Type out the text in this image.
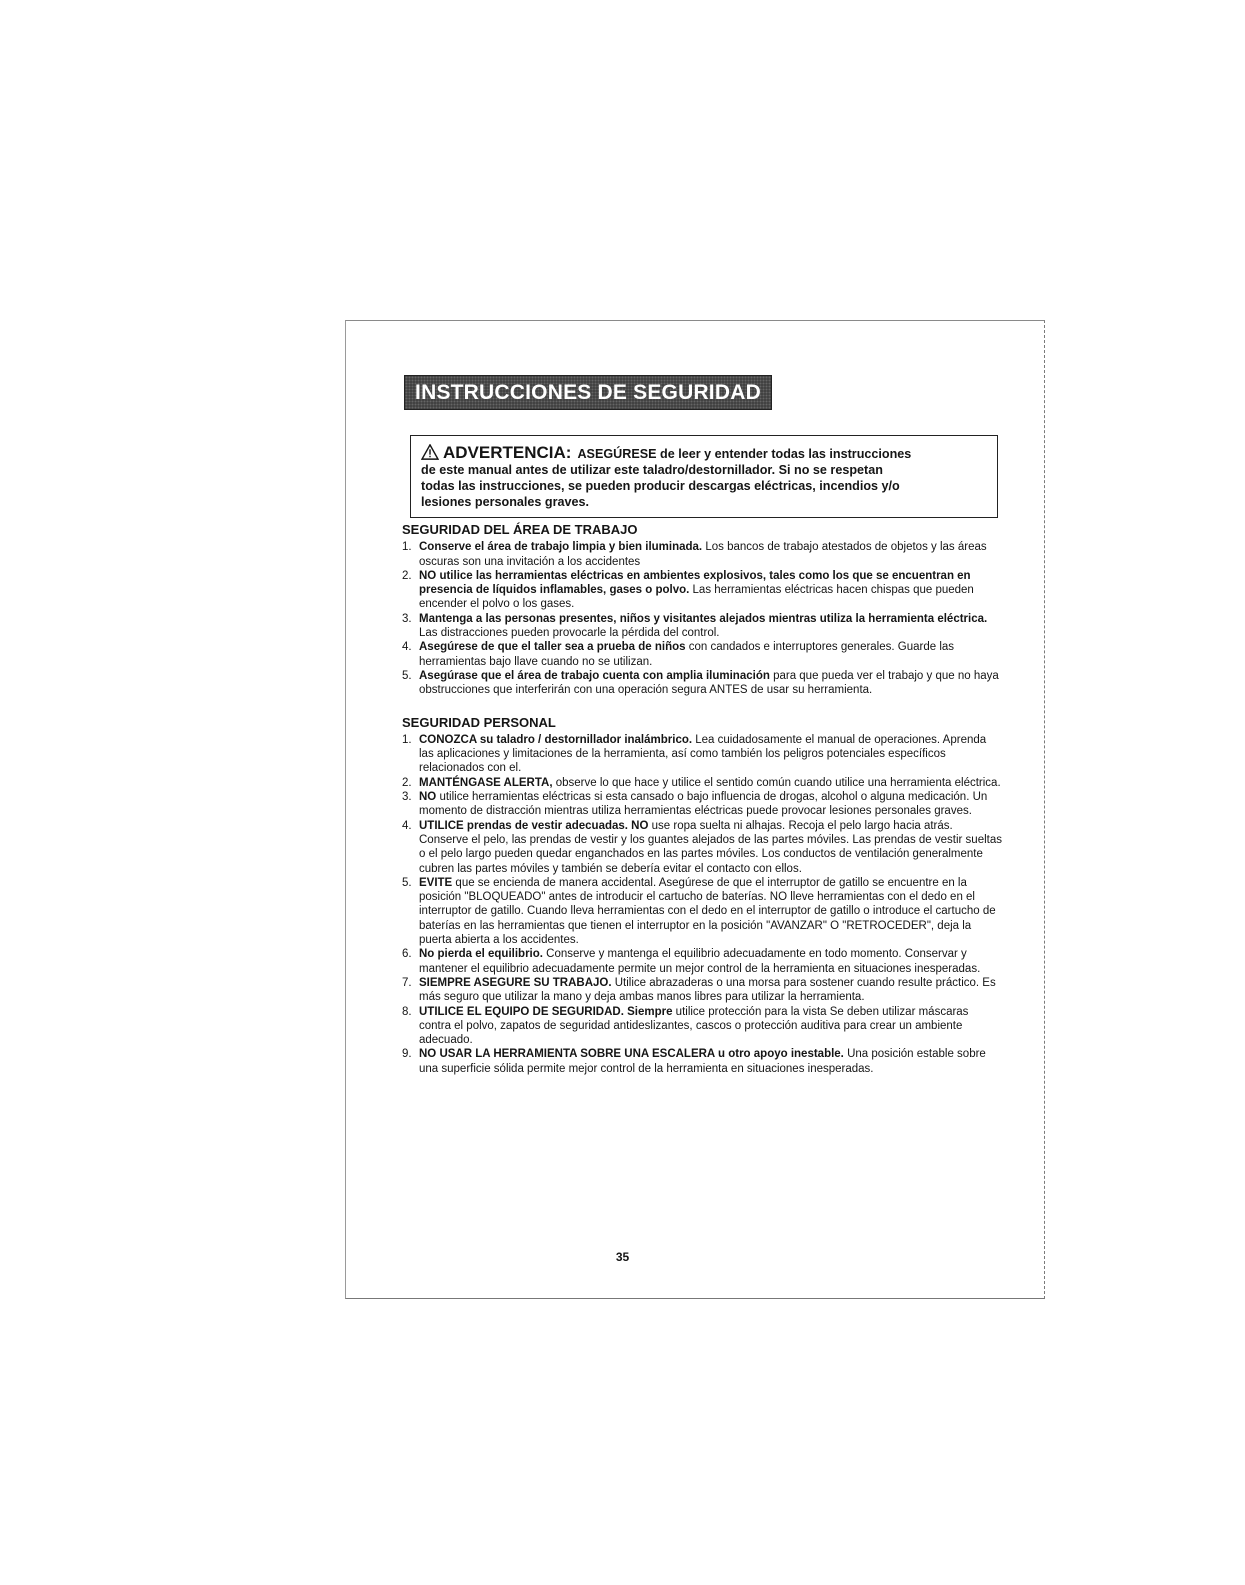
INSTRUCCIONES DE SEGURIDAD
ADVERTENCIA: ASEGÚRESE de leer y entender todas las instrucciones
de este manual antes de utilizar este taladro/destornillador. Si no se respetan
todas las instrucciones, se pueden producir descargas eléctricas, incendios y/o
lesiones personales graves.
SEGURIDAD DEL ÁREA DE TRABAJO
1. Conserve el área de trabajo limpia y bien iluminada. Los bancos de trabajo atestados de objetos y las áreas oscuras son una invitación a los accidentes
2. NO utilice las herramientas eléctricas en ambientes explosivos, tales como los que se encuentran en presencia de líquidos inflamables, gases o polvo. Las herramientas eléctricas hacen chispas que pueden encender el polvo o los gases.
3. Mantenga a las personas presentes, niños y visitantes alejados mientras utiliza la herramienta eléctrica. Las distracciones pueden provocarle la pérdida del control.
4. Asegúrese de que el taller sea a prueba de niños con candados e interruptores generales. Guarde las herramientas bajo llave cuando no se utilizan.
5. Asegúrase que el área de trabajo cuenta con amplia iluminación para que pueda ver el trabajo y que no haya obstrucciones que interferirán con una operación segura ANTES de usar su herramienta.
SEGURIDAD PERSONAL
1. CONOZCA su taladro / destornillador inalámbrico. Lea cuidadosamente el manual de operaciones. Aprenda las aplicaciones y limitaciones de la herramienta, así como también los peligros potenciales específicos relacionados con el.
2. MANTÉNGASE ALERTA, observe lo que hace y utilice el sentido común cuando utilice una herramienta eléctrica.
3. NO utilice herramientas eléctricas si esta cansado o bajo influencia de drogas, alcohol o alguna medicación. Un momento de distracción mientras utiliza herramientas eléctricas puede provocar lesiones personales graves.
4. UTILICE prendas de vestir adecuadas. NO use ropa suelta ni alhajas. Recoja el pelo largo hacia atrás. Conserve el pelo, las prendas de vestir y los guantes alejados de las partes móviles. Las prendas de vestir sueltas o el pelo largo pueden quedar enganchados en las partes móviles. Los conductos de ventilación generalmente cubren las partes móviles y también se debería evitar el contacto con ellos.
5. EVITE que se encienda de manera accidental. Asegúrese de que el interruptor de gatillo se encuentre en la posición "BLOQUEADO" antes de introducir el cartucho de baterías. NO lleve herramientas con el dedo en el interruptor de gatillo. Cuando lleva herramientas con el dedo en el interruptor de gatillo o introduce el cartucho de baterías en las herramientas que tienen el interruptor en la posición "AVANZAR" O "RETROCEDER", deja la puerta abierta a los accidentes.
6. No pierda el equilibrio. Conserve y mantenga el equilibrio adecuadamente en todo momento. Conservar y mantener el equilibrio adecuadamente permite un mejor control de la herramienta en situaciones inesperadas.
7. SIEMPRE ASEGURE SU TRABAJO. Utilice abrazaderas o una morsa para sostener cuando resulte práctico. Es más seguro que utilizar la mano y deja ambas manos libres para utilizar la herramienta.
8. UTILICE EL EQUIPO DE SEGURIDAD. Siempre utilice protección para la vista Se deben utilizar máscaras contra el polvo, zapatos de seguridad antideslizantes, cascos o protección auditiva para crear un ambiente adecuado.
9. NO USAR LA HERRAMIENTA SOBRE UNA ESCALERA u otro apoyo inestable. Una posición estable sobre una superficie sólida permite mejor control de la herramienta en situaciones inesperadas.
35
